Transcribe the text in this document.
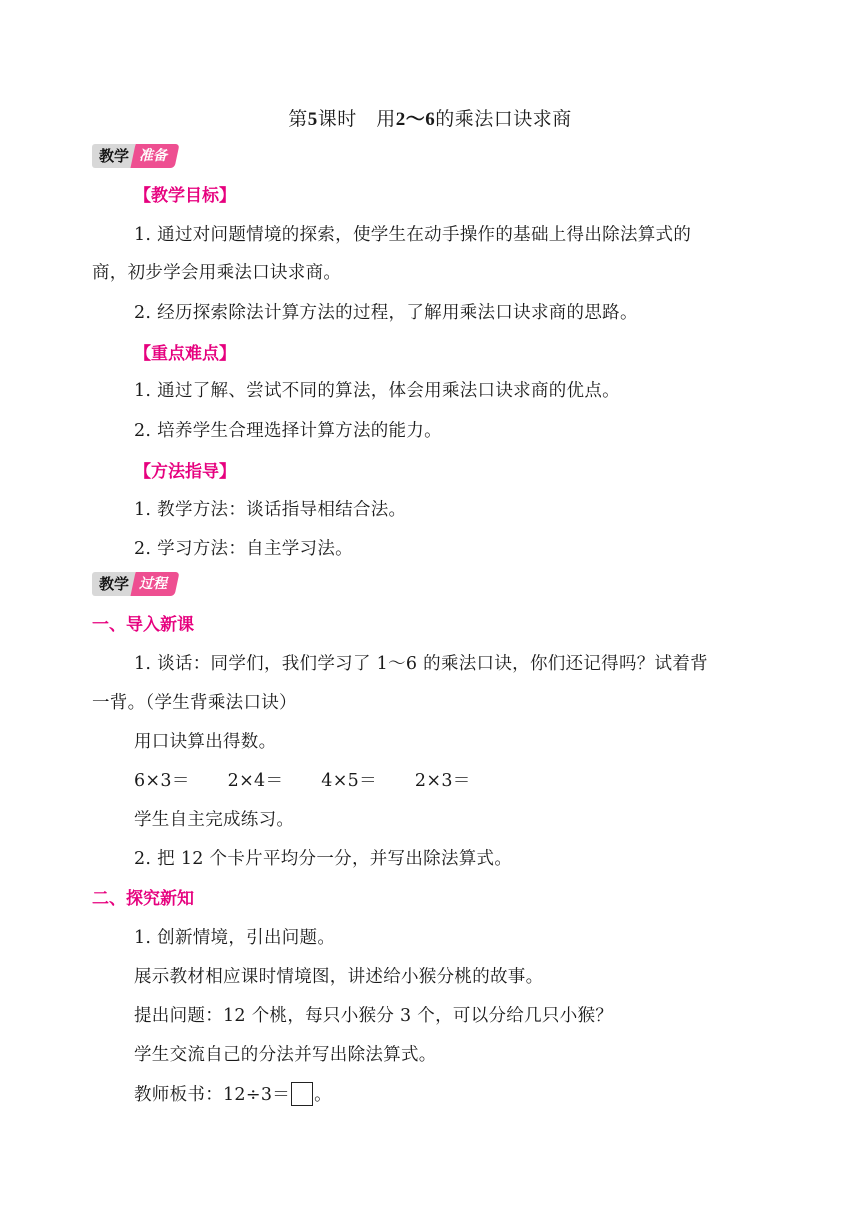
第5课时　用2～6的乘法口诀求商
教学 准备
【教学目标】
1. 通过对问题情境的探索，使学生在动手操作的基础上得出除法算式的
商，初步学会用乘法口诀求商。
2. 经历探索除法计算方法的过程，了解用乘法口诀求商的思路。
【重点难点】
1. 通过了解、尝试不同的算法，体会用乘法口诀求商的优点。
2. 培养学生合理选择计算方法的能力。
【方法指导】
1. 教学方法：谈话指导相结合法。
2. 学习方法：自主学习法。
教学 过程
一、导入新课
1. 谈话：同学们，我们学习了 1～6 的乘法口诀，你们还记得吗？试着背
一背。（学生背乘法口诀）
用口诀算出得数。
6×3＝ 2×4＝ 4×5＝ 2×3＝
学生自主完成练习。
2. 把 12 个卡片平均分一分，并写出除法算式。
二、探究新知
1. 创新情境，引出问题。
展示教材相应课时情境图，讲述给小猴分桃的故事。
提出问题：12 个桃，每只小猴分 3 个，可以分给几只小猴？
学生交流自己的分法并写出除法算式。
教师板书：12÷3＝ 。
